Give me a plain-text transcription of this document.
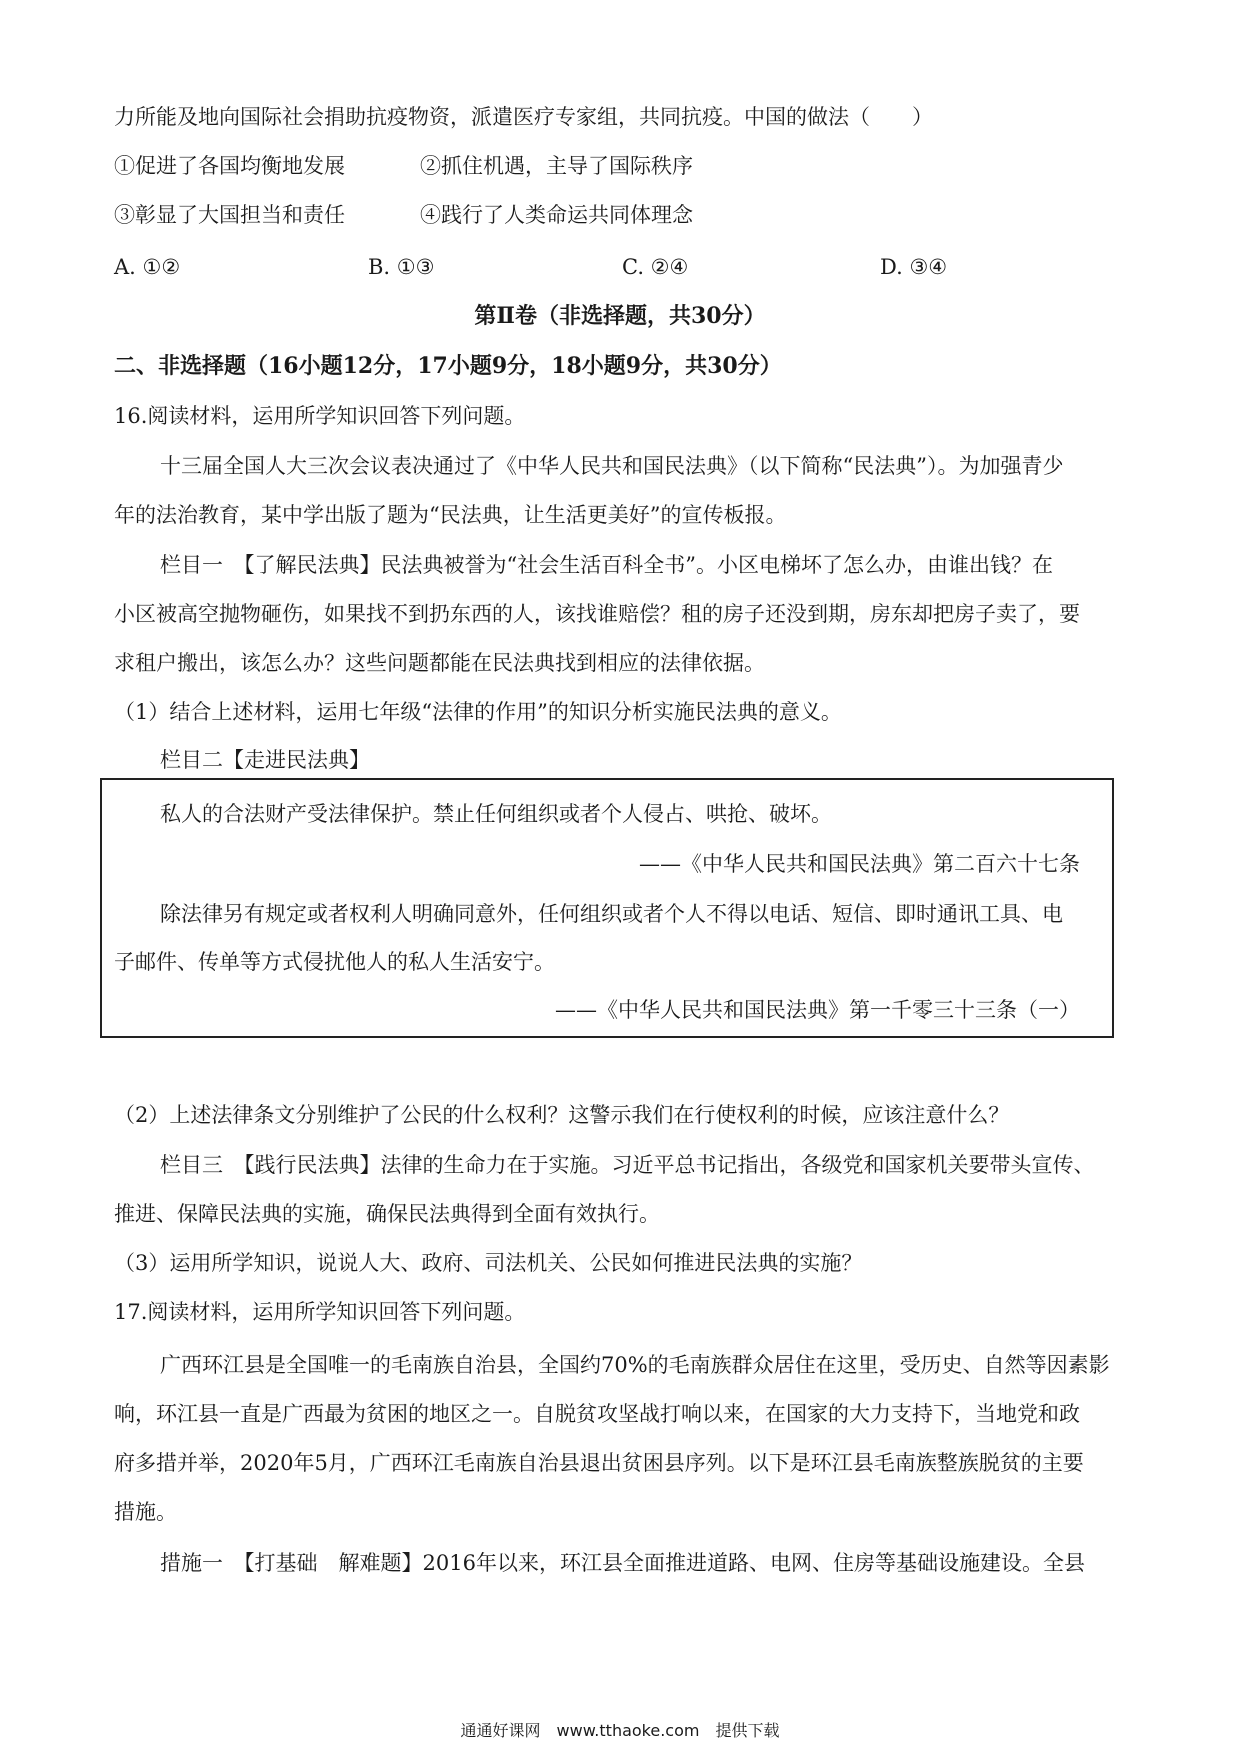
力所能及地向国际社会捐助抗疫物资，派遣医疗专家组，共同抗疫。中国的做法（　　）
①促进了各国均衡地发展	②抓住机遇，主导了国际秩序
③彰显了大国担当和责任	④践行了人类命运共同体理念
A. ①②	B. ①③	C. ②④	D. ③④
第Ⅱ卷（非选择题，共30分）
二、非选择题（16小题12分，17小题9分，18小题9分，共30分）
16.阅读材料，运用所学知识回答下列问题。
十三届全国人大三次会议表决通过了《中华人民共和国民法典》（以下简称“民法典”）。为加强青少
年的法治教育，某中学出版了题为“民法典，让生活更美好”的宣传板报。
栏目一　【了解民法典】民法典被誉为“社会生活百科全书”。小区电梯坏了怎么办，由谁出钱？在
小区被高空抛物砸伤，如果找不到扔东西的人，该找谁赔偿？租的房子还没到期，房东却把房子卖了，要
求租户搬出，该怎么办？这些问题都能在民法典找到相应的法律依据。
（1）结合上述材料，运用七年级“法律的作用”的知识分析实施民法典的意义。
栏目二【走进民法典】
私人的合法财产受法律保护。禁止任何组织或者个人侵占、哄抢、破坏。
——《中华人民共和国民法典》第二百六十七条
除法律另有规定或者权利人明确同意外，任何组织或者个人不得以电话、短信、即时通讯工具、电
子邮件、传单等方式侵扰他人的私人生活安宁。
——《中华人民共和国民法典》第一千零三十三条（一）
（2）上述法律条文分别维护了公民的什么权利？这警示我们在行使权利的时候，应该注意什么？
栏目三　【践行民法典】法律的生命力在于实施。习近平总书记指出，各级党和国家机关要带头宣传、
推进、保障民法典的实施，确保民法典得到全面有效执行。
（3）运用所学知识，说说人大、政府、司法机关、公民如何推进民法典的实施？
17.阅读材料，运用所学知识回答下列问题。
广西环江县是全国唯一的毛南族自治县，全国约70%的毛南族群众居住在这里，受历史、自然等因素影
响，环江县一直是广西最为贫困的地区之一。自脱贫攻坚战打响以来，在国家的大力支持下，当地党和政
府多措并举，2020年5月，广西环江毛南族自治县退出贫困县序列。以下是环江县毛南族整族脱贫的主要
措施。
措施一　【打基础　解难题】2016年以来，环江县全面推进道路、电网、住房等基础设施建设。全县
通通好课网　www.tthaoke.com　提供下载
